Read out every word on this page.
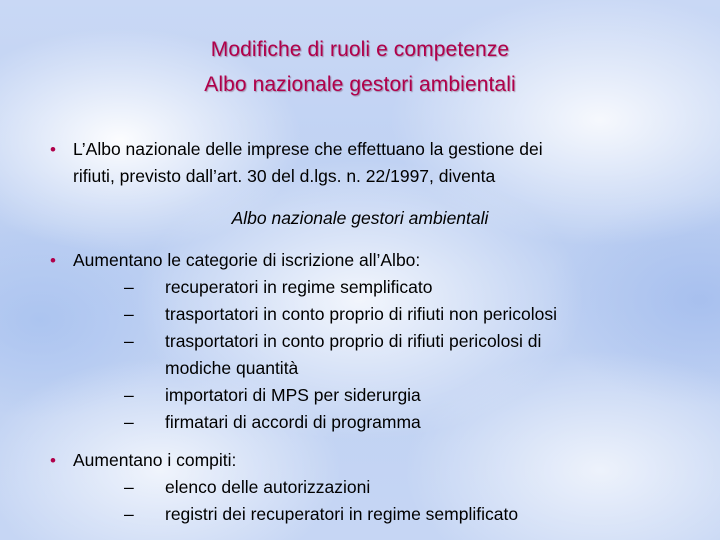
Modifiche di ruoli e competenze
Albo nazionale gestori ambientali
• L’Albo nazionale delle imprese che effettuano la gestione dei
rifiuti, previsto dall’art. 30 del d.lgs. n. 22/1997, diventa
Albo nazionale gestori ambientali
• Aumentano le categorie di iscrizione all’Albo:
– recuperatori in regime semplificato
– trasportatori in conto proprio di rifiuti non pericolosi
– trasportatori in conto proprio di rifiuti pericolosi di
modiche quantità
– importatori di MPS per siderurgia
– firmatari di accordi di programma
• Aumentano i compiti:
– elenco delle autorizzazioni
– registri dei recuperatori in regime semplificato
